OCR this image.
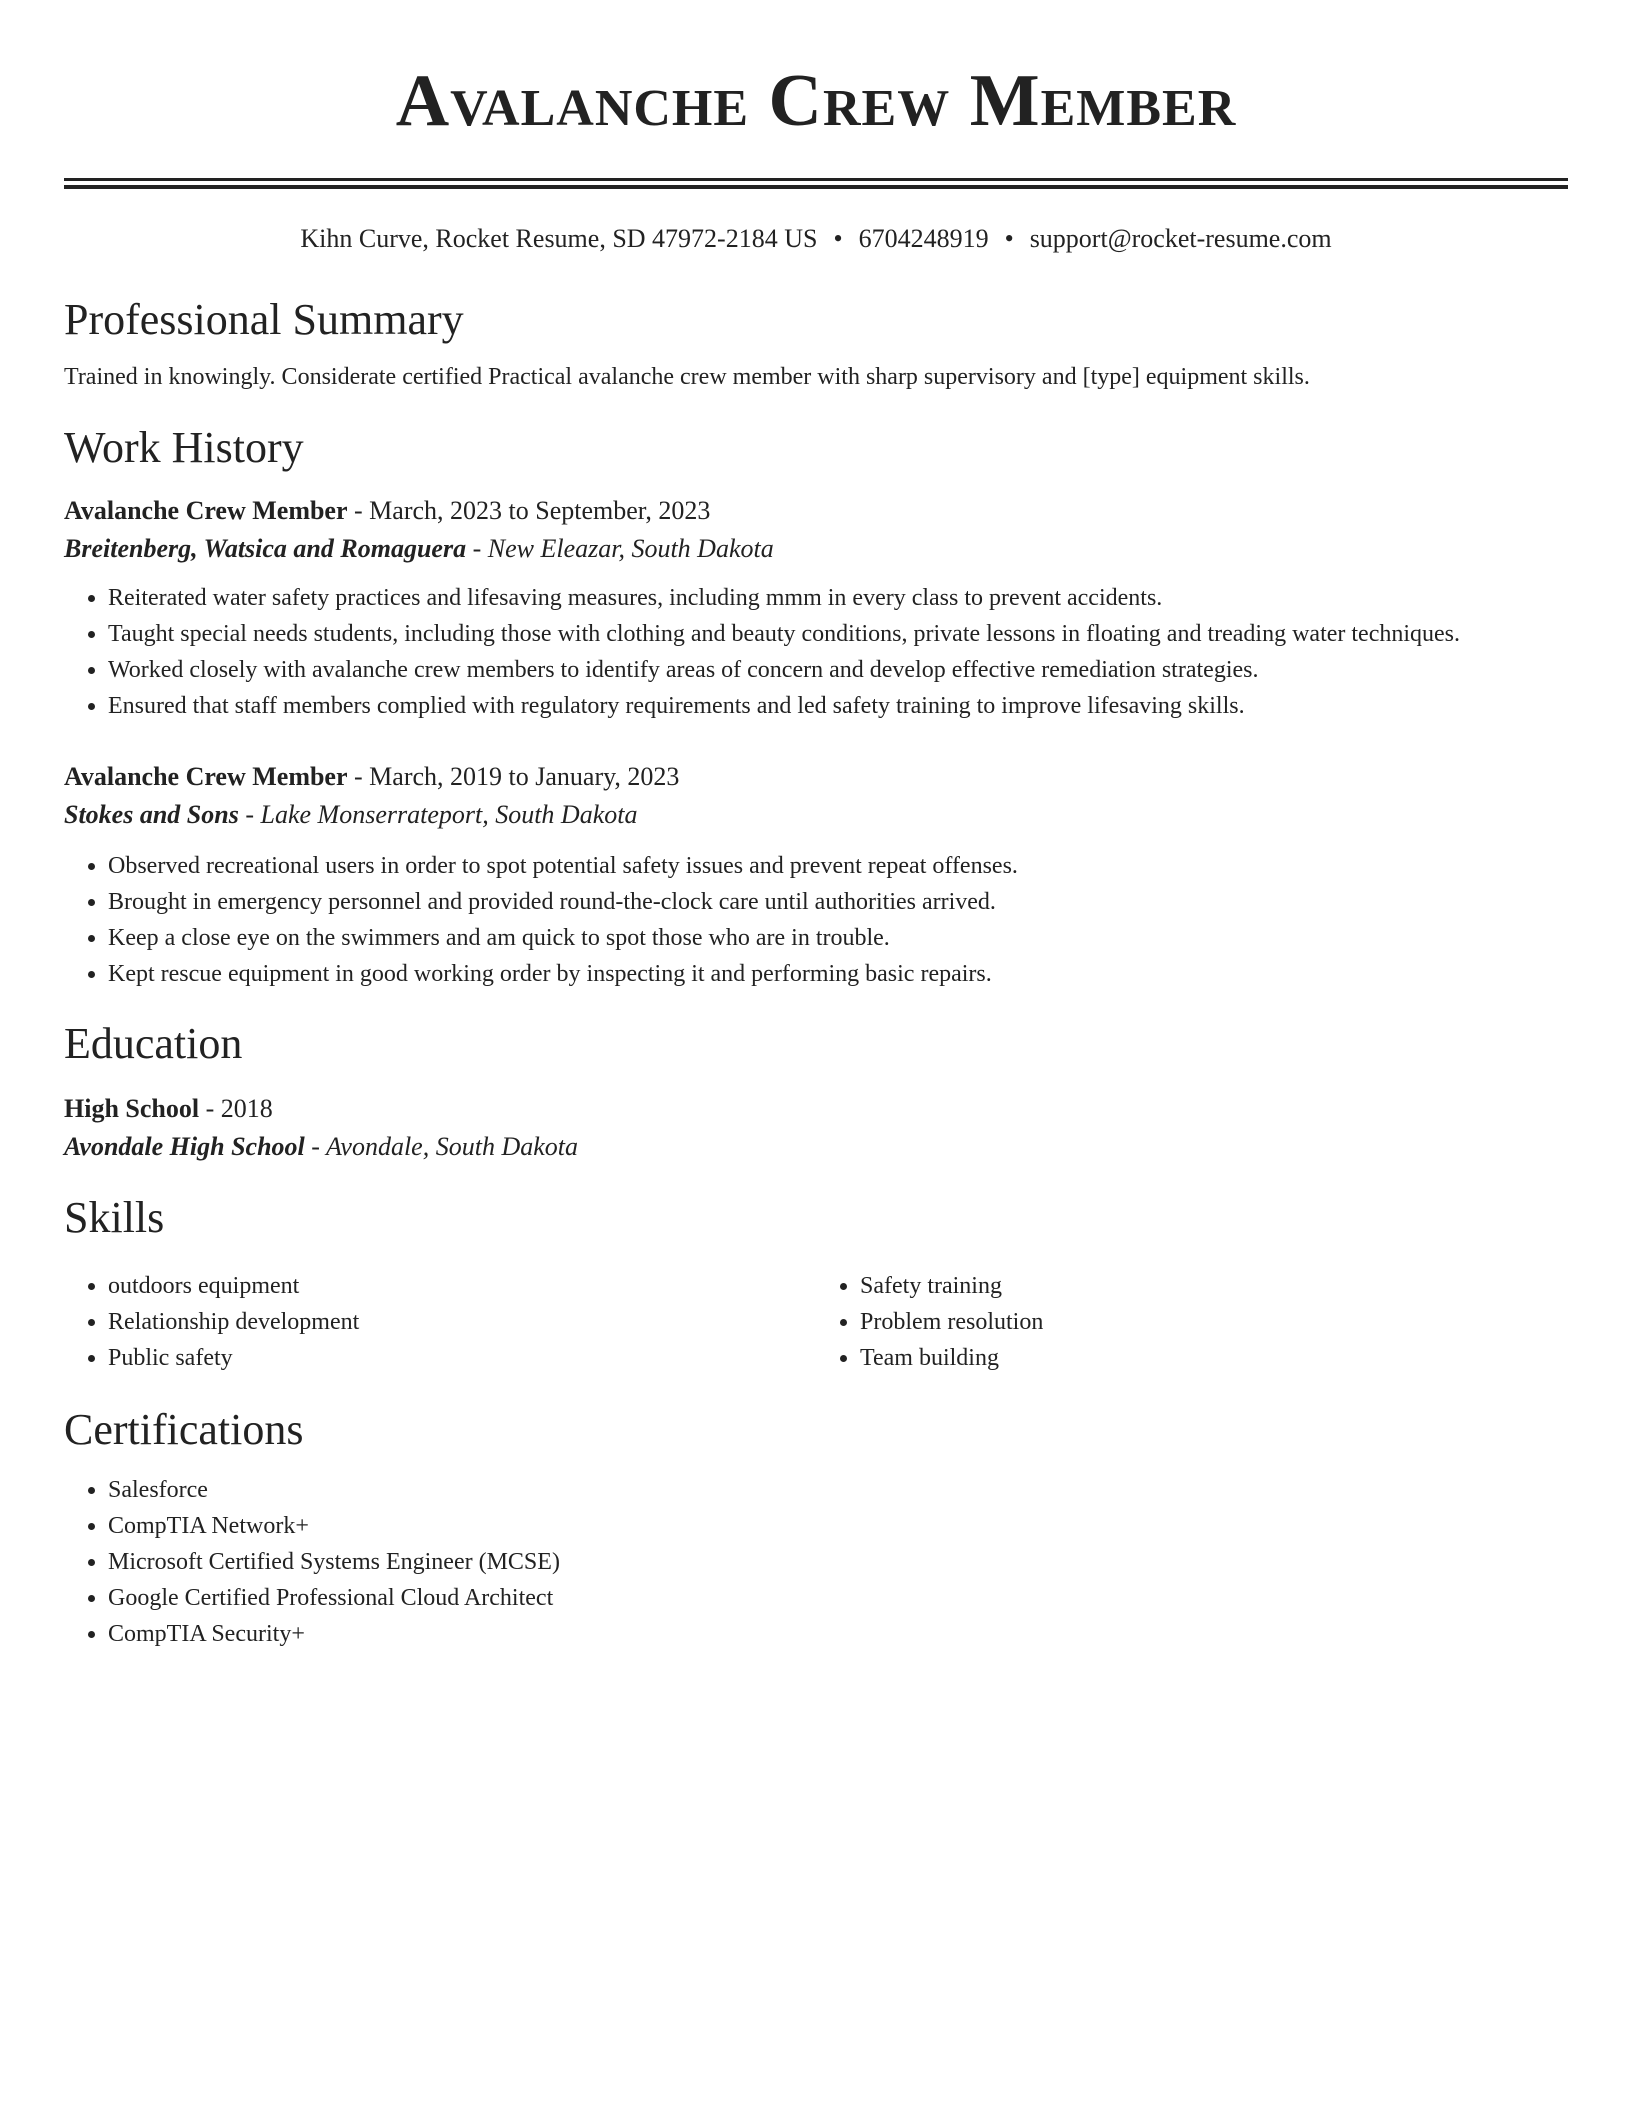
Avalanche Crew Member
Kihn Curve, Rocket Resume, SD 47972-2184 US • 6704248919 • support@rocket-resume.com
Professional Summary
Trained in knowingly. Considerate certified Practical avalanche crew member with sharp supervisory and [type] equipment skills.
Work History
Avalanche Crew Member - March, 2023 to September, 2023
Breitenberg, Watsica and Romaguera - New Eleazar, South Dakota
• Reiterated water safety practices and lifesaving measures, including mmm in every class to prevent accidents.
• Taught special needs students, including those with clothing and beauty conditions, private lessons in floating and treading water techniques.
• Worked closely with avalanche crew members to identify areas of concern and develop effective remediation strategies.
• Ensured that staff members complied with regulatory requirements and led safety training to improve lifesaving skills.
Avalanche Crew Member - March, 2019 to January, 2023
Stokes and Sons - Lake Monserrateport, South Dakota
• Observed recreational users in order to spot potential safety issues and prevent repeat offenses.
• Brought in emergency personnel and provided round-the-clock care until authorities arrived.
• Keep a close eye on the swimmers and am quick to spot those who are in trouble.
• Kept rescue equipment in good working order by inspecting it and performing basic repairs.
Education
High School - 2018
Avondale High School - Avondale, South Dakota
Skills
• outdoors equipment
• Relationship development
• Public safety
• Safety training
• Problem resolution
• Team building
Certifications
• Salesforce
• CompTIA Network+
• Microsoft Certified Systems Engineer (MCSE)
• Google Certified Professional Cloud Architect
• CompTIA Security+
